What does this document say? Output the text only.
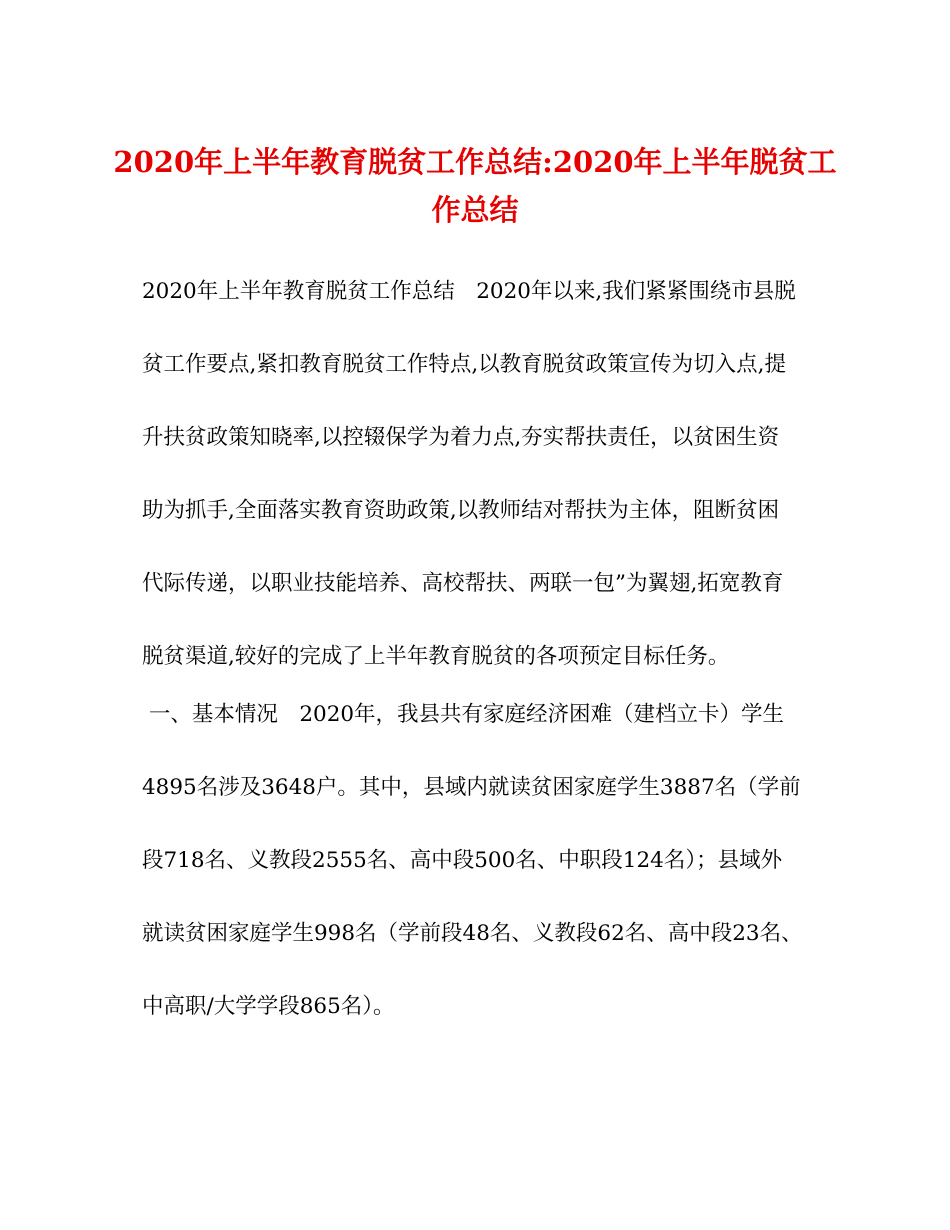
2020年上半年教育脱贫工作总结:2020年上半年脱贫工
作总结
2020年上半年教育脱贫工作总结　2020年以来,我们紧紧围绕市县脱
贫工作要点,紧扣教育脱贫工作特点,以教育脱贫政策宣传为切入点,提
升扶贫政策知晓率,以控辍保学为着力点,夯实帮扶责任，以贫困生资
助为抓手,全面落实教育资助政策,以教师结对帮扶为主体，阻断贫困
代际传递，以职业技能培养、高校帮扶、两联一包”为翼翅,拓宽教育
脱贫渠道,较好的完成了上半年教育脱贫的各项预定目标任务。
一、基本情况　2020年，我县共有家庭经济困难（建档立卡）学生
4895名涉及3648户。其中，县域内就读贫困家庭学生3887名（学前
段718名、义教段2555名、高中段500名、中职段124名）；县域外
就读贫困家庭学生998名（学前段48名、义教段62名、高中段23名、
中高职/大学学段865名）。
